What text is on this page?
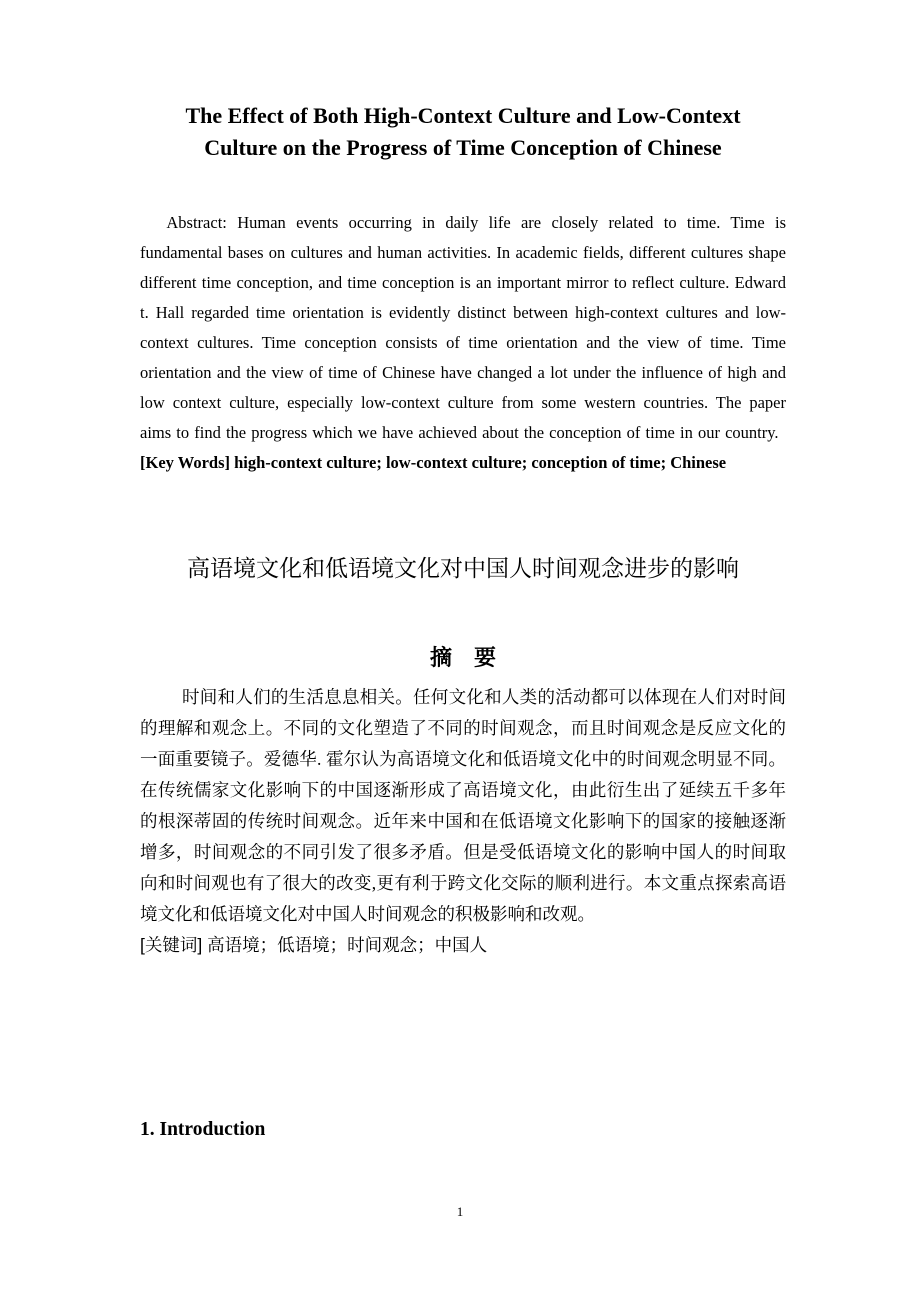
The Effect of Both High-Context Culture and Low-Context
Culture on the Progress of Time Conception of Chinese

Abstract: Human events occurring in daily life are closely related to time. Time is fundamental bases on cultures and human activities. In academic fields, different cultures shape different time conception, and time conception is an important mirror to reflect culture. Edward t. Hall regarded time orientation is evidently distinct between high-context cultures and low-context cultures. Time conception consists of time orientation and the view of time. Time orientation and the view of time of Chinese have changed a lot under the influence of high and low context culture, especially low-context culture from some western countries. The paper aims to find the progress which we have achieved about the conception of time in our country.

[Key Words] high-context culture; low-context culture; conception of time; Chinese

高语境文化和低语境文化对中国人时间观念进步的影响
摘　要

时间和人们的生活息息相关。任何文化和人类的活动都可以体现在人们对时间的理解和观念上。不同的文化塑造了不同的时间观念，而且时间观念是反应文化的一面重要镜子。爱德华. 霍尔认为高语境文化和低语境文化中的时间观念明显不同。在传统儒家文化影响下的中国逐渐形成了高语境文化，由此衍生出了延续五千多年的根深蒂固的传统时间观念。近年来中国和在低语境文化影响下的国家的接触逐渐增多，时间观念的不同引发了很多矛盾。但是受低语境文化的影响中国人的时间取向和时间观也有了很大的改变,更有利于跨文化交际的顺利进行。本文重点探索高语境文化和低语境文化对中国人时间观念的积极影响和改观。

[关键词] 高语境；低语境；时间观念；中国人

1. Introduction
1
